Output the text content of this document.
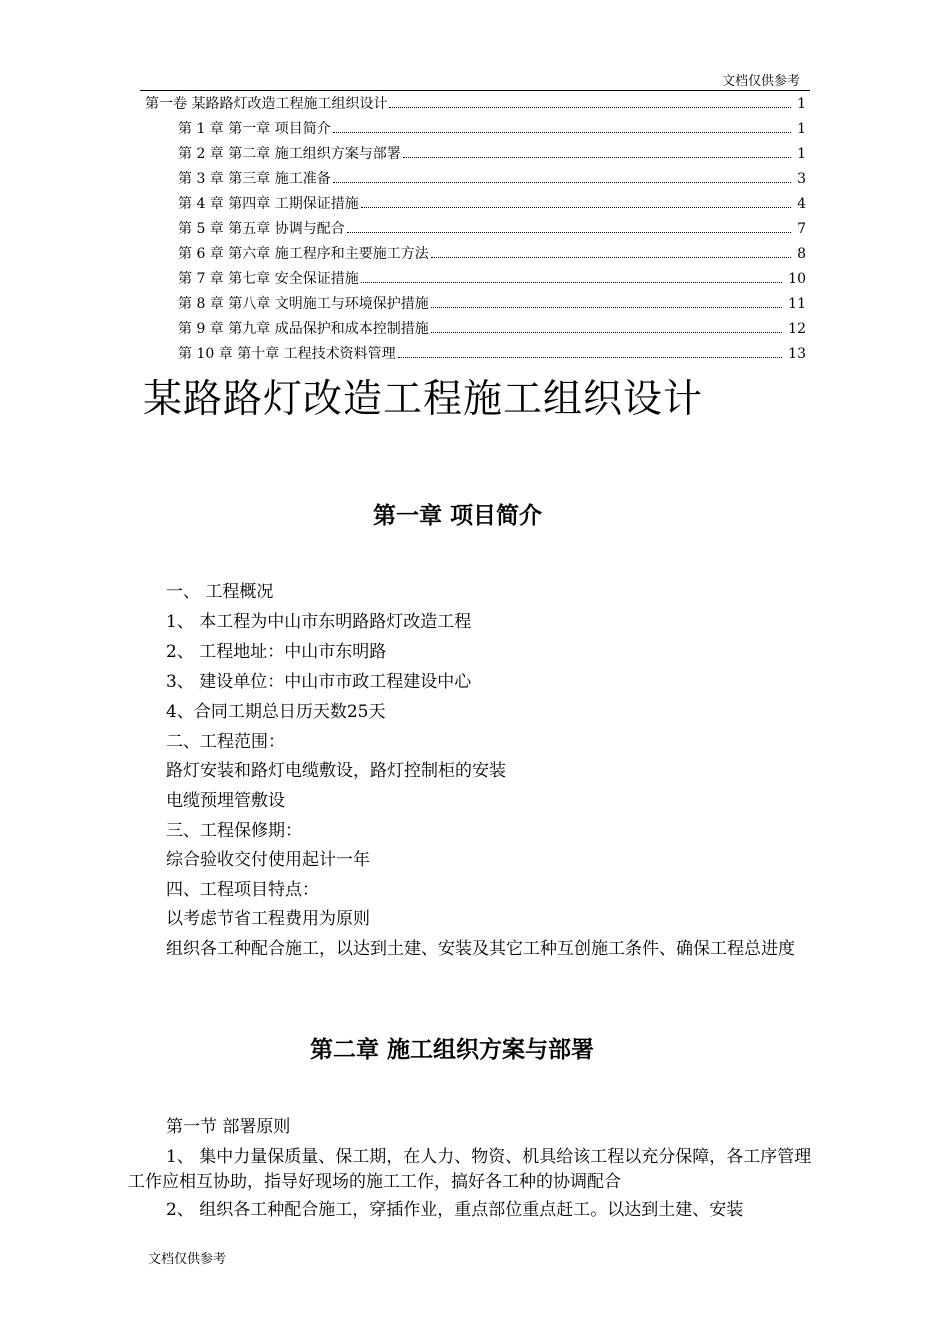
文档仅供参考
第一卷 某路路灯改造工程施工组织设计	1
第 1 章 第一章 项目简介	1
第 2 章 第二章 施工组织方案与部署	1
第 3 章 第三章 施工准备	3
第 4 章 第四章 工期保证措施	4
第 5 章 第五章 协调与配合	7
第 6 章 第六章 施工程序和主要施工方法	8
第 7 章 第七章 安全保证措施	10
第 8 章 第八章 文明施工与环境保护措施	11
第 9 章 第九章 成品保护和成本控制措施	12
第 10 章 第十章 工程技术资料管理	13
某路路灯改造工程施工组织设计
第一章 项目简介
一、 工程概况
1、 本工程为中山市东明路路灯改造工程
2、 工程地址：中山市东明路
3、 建设单位：中山市市政工程建设中心
4、合同工期总日历天数25天
二、工程范围：
路灯安装和路灯电缆敷设，路灯控制柜的安装
电缆预埋管敷设
三、工程保修期：
综合验收交付使用起计一年
四、工程项目特点：
以考虑节省工程费用为原则
组织各工种配合施工，以达到土建、安装及其它工种互创施工条件、确保工程总进度
第二章 施工组织方案与部署
第一节 部署原则
1、 集中力量保质量、保工期，在人力、物资、机具给该工程以充分保障，各工序管理工作应相互协助，指导好现场的施工工作，搞好各工种的协调配合
2、 组织各工种配合施工，穿插作业，重点部位重点赶工。以达到土建、安装
文档仅供参考
